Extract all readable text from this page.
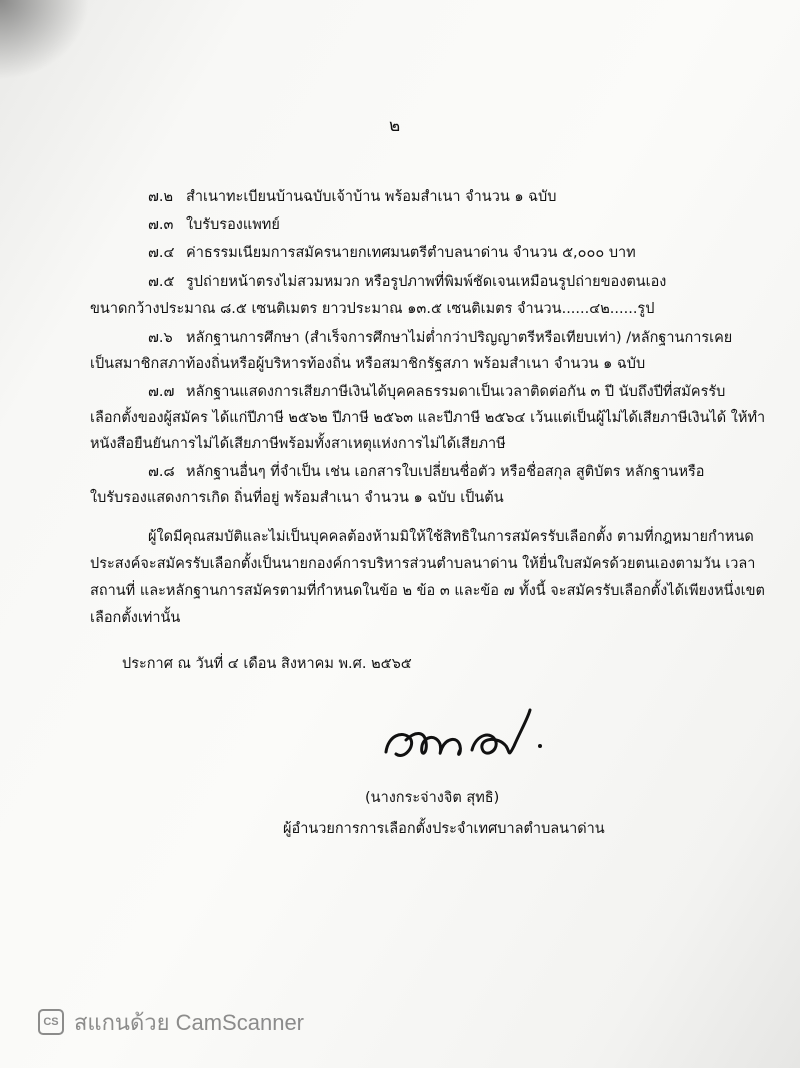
๒
๗.๒ สำเนาทะเบียนบ้านฉบับเจ้าบ้าน พร้อมสำเนา จำนวน ๑ ฉบับ
๗.๓ ใบรับรองแพทย์
๗.๔ ค่าธรรมเนียมการสมัครนายกเทศมนตรีตำบลนาด่าน จำนวน ๕,๐๐๐ บาท
๗.๕ รูปถ่ายหน้าตรงไม่สวมหมวก หรือรูปภาพที่พิมพ์ชัดเจนเหมือนรูปถ่ายของตนเอง
ขนาดกว้างประมาณ ๘.๕ เซนติเมตร ยาวประมาณ ๑๓.๕ เซนติเมตร จำนวน......๔๒......รูป
๗.๖ หลักฐานการศึกษา (สำเร็จการศึกษาไม่ต่ำกว่าปริญญาตรีหรือเทียบเท่า) /หลักฐานการเคย
เป็นสมาชิกสภาท้องถิ่นหรือผู้บริหารท้องถิ่น หรือสมาชิกรัฐสภา พร้อมสำเนา จำนวน ๑ ฉบับ
๗.๗ หลักฐานแสดงการเสียภาษีเงินได้บุคคลธรรมดาเป็นเวลาติดต่อกัน ๓ ปี นับถึงปีที่สมัครรับ
เลือกตั้งของผู้สมัคร ได้แก่ปีภาษี ๒๕๖๒ ปีภาษี ๒๕๖๓ และปีภาษี ๒๕๖๔ เว้นแต่เป็นผู้ไม่ได้เสียภาษีเงินได้ ให้ทำ
หนังสือยืนยันการไม่ได้เสียภาษีพร้อมทั้งสาเหตุแห่งการไม่ได้เสียภาษี
๗.๘ หลักฐานอื่นๆ ที่จำเป็น เช่น เอกสารใบเปลี่ยนชื่อตัว หรือชื่อสกุล สูติบัตร หลักฐานหรือ
ใบรับรองแสดงการเกิด ถิ่นที่อยู่ พร้อมสำเนา จำนวน ๑ ฉบับ เป็นต้น
ผู้ใดมีคุณสมบัติและไม่เป็นบุคคลต้องห้ามมิให้ใช้สิทธิในการสมัครรับเลือกตั้ง ตามที่กฎหมายกำหนด
ประสงค์จะสมัครรับเลือกตั้งเป็นนายกองค์การบริหารส่วนตำบลนาด่าน ให้ยื่นใบสมัครด้วยตนเองตามวัน เวลา
สถานที่ และหลักฐานการสมัครตามที่กำหนดในข้อ ๒ ข้อ ๓ และข้อ ๗ ทั้งนี้ จะสมัครรับเลือกตั้งได้เพียงหนึ่งเขต
เลือกตั้งเท่านั้น
ประกาศ ณ วันที่ ๔ เดือน สิงหาคม พ.ศ. ๒๕๖๕
(นางกระจ่างจิต สุทธิ)
ผู้อำนวยการการเลือกตั้งประจำเทศบาลตำบลนาด่าน
CS สแกนด้วย CamScanner
